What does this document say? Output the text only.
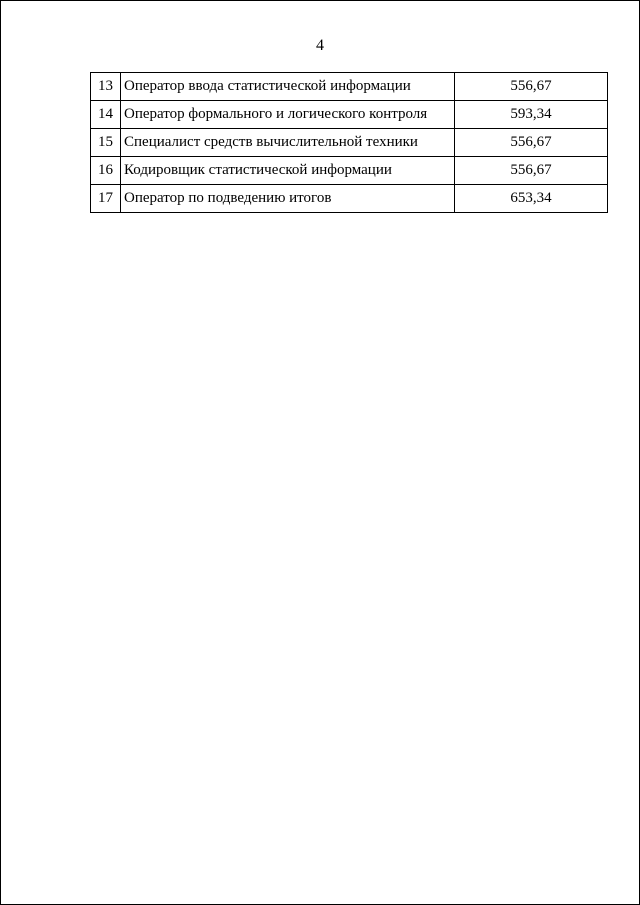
4
13	Оператор ввода статистической информации	556,67
14	Оператор формального и логического контроля	593,34
15	Специалист средств вычислительной техники	556,67
16	Кодировщик статистической информации	556,67
17	Оператор по подведению итогов	653,34
